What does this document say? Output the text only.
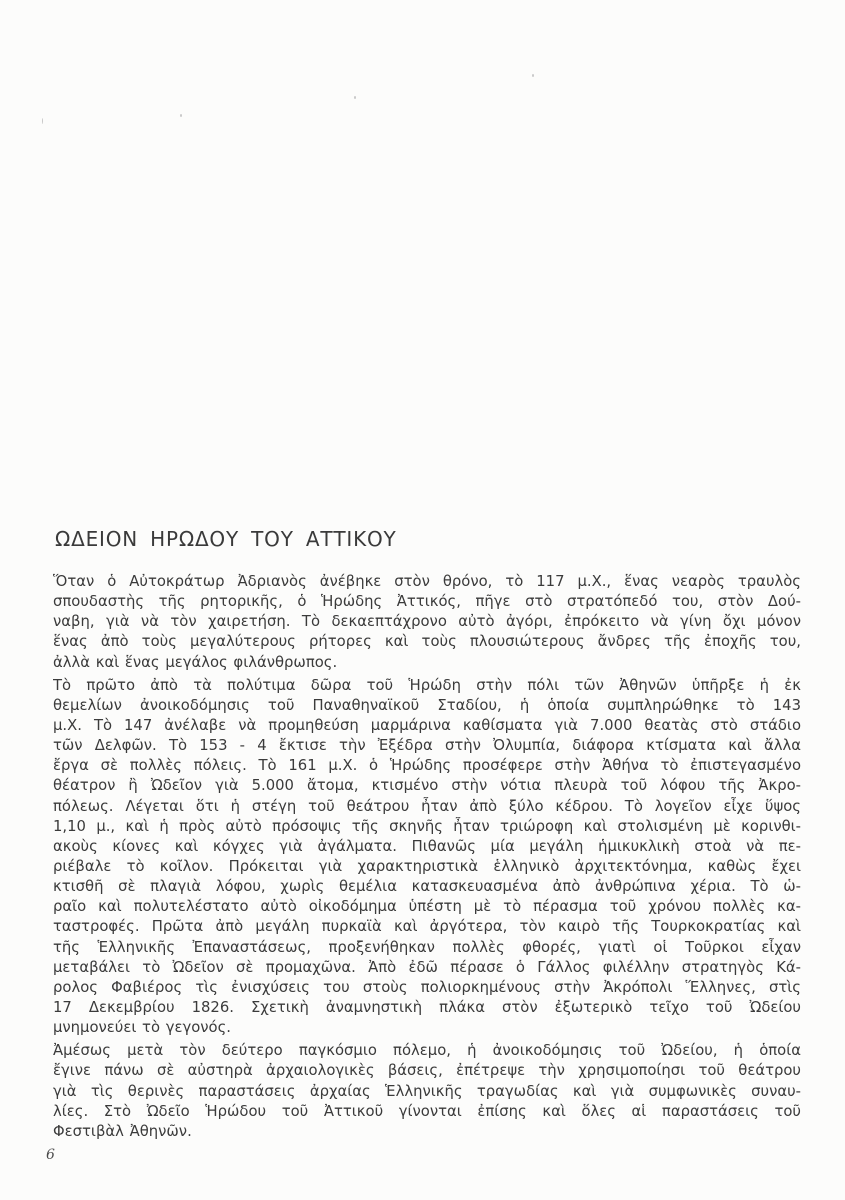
ΩΔΕΙΟΝ ΗΡΩΔΟΥ ΤΟΥ ΑΤΤΙΚΟΥ
Ὅταν ὁ Αὐτοκράτωρ Ἀδριανὸς ἀνέβηκε στὸν θρόνο, τὸ 117 μ.Χ., ἕνας νεαρὸς τραυλὸς
σπουδαστὴς τῆς ρητορικῆς, ὁ Ἡρώδης Ἀττικός, πῆγε στὸ στρατόπεδό του, στὸν Δού-
ναβη, γιὰ νὰ τὸν χαιρετήση. Τὸ δεκαεπτάχρονο αὐτὸ ἀγόρι, ἐπρόκειτο νὰ γίνη ὄχι μόνον
ἕνας ἀπὸ τοὺς μεγαλύτερους ρήτορες καὶ τοὺς πλουσιώτερους ἄνδρες τῆς ἐποχῆς του,
ἀλλὰ καὶ ἕνας μεγάλος φιλάνθρωπος.
Τὸ πρῶτο ἀπὸ τὰ πολύτιμα δῶρα τοῦ Ἡρώδη στὴν πόλι τῶν Ἀθηνῶν ὑπῆρξε ἡ ἐκ
θεμελίων ἀνοικοδόμησις τοῦ Παναθηναϊκοῦ Σταδίου, ἡ ὁποία συμπληρώθηκε τὸ 143
μ.Χ. Τὸ 147 ἀνέλαβε νὰ προμηθεύση μαρμάρινα καθίσματα γιὰ 7.000 θεατὰς στὸ στάδιο
τῶν Δελφῶν. Τὸ 153 - 4 ἔκτισε τὴν Ἐξέδρα στὴν Ὀλυμπία, διάφορα κτίσματα καὶ ἄλλα
ἔργα σὲ πολλὲς πόλεις. Τὸ 161 μ.Χ. ὁ Ἡρώδης προσέφερε στὴν Ἀθήνα τὸ ἐπιστεγασμένο
θέατρον ἢ Ὠδεῖον γιὰ 5.000 ἄτομα, κτισμένο στὴν νότια πλευρὰ τοῦ λόφου τῆς Ἀκρο-
πόλεως. Λέγεται ὅτι ἡ στέγη τοῦ θεάτρου ἦταν ἀπὸ ξύλο κέδρου. Τὸ λογεῖον εἶχε ὕψος
1,10 μ., καὶ ἡ πρὸς αὐτὸ πρόσοψις τῆς σκηνῆς ἦταν τριώροφη καὶ στολισμένη μὲ κορινθι-
ακοὺς κίονες καὶ κόγχες γιὰ ἀγάλματα. Πιθανῶς μία μεγάλη ἡμικυκλικὴ στοὰ νὰ πε-
ριέβαλε τὸ κοῖλον. Πρόκειται γιὰ χαρακτηριστικὰ ἑλληνικὸ ἀρχιτεκτόνημα, καθὼς ἔχει
κτισθῆ σὲ πλαγιὰ λόφου, χωρὶς θεμέλια κατασκευασμένα ἀπὸ ἀνθρώπινα χέρια. Τὸ ὡ-
ραῖο καὶ πολυτελέστατο αὐτὸ οἰκοδόμημα ὑπέστη μὲ τὸ πέρασμα τοῦ χρόνου πολλὲς κα-
ταστροφές. Πρῶτα ἀπὸ μεγάλη πυρκαϊὰ καὶ ἀργότερα, τὸν καιρὸ τῆς Τουρκοκρατίας καὶ
τῆς Ἑλληνικῆς Ἐπαναστάσεως, προξενήθηκαν πολλὲς φθορές, γιατὶ οἱ Τοῦρκοι εἶχαν
μεταβάλει τὸ Ὠδεῖον σὲ προμαχῶνα. Ἀπὸ ἐδῶ πέρασε ὁ Γάλλος φιλέλλην στρατηγὸς Κά-
ρολος Φαβιέρος τὶς ἐνισχύσεις του στοὺς πολιορκημένους στὴν Ἀκρόπολι Ἕλληνες, στὶς
17 Δεκεμβρίου 1826. Σχετικὴ ἀναμνηστικὴ πλάκα στὸν ἐξωτερικὸ τεῖχο τοῦ Ὠδείου
μνημονεύει τὸ γεγονός.
Ἀμέσως μετὰ τὸν δεύτερο παγκόσμιο πόλεμο, ἡ ἀνοικοδόμησις τοῦ Ὠδείου, ἡ ὁποία
ἔγινε πάνω σὲ αὐστηρὰ ἀρχαιολογικὲς βάσεις, ἐπέτρεψε τὴν χρησιμοποίησι τοῦ θεάτρου
γιὰ τὶς θερινὲς παραστάσεις ἀρχαίας Ἑλληνικῆς τραγωδίας καὶ γιὰ συμφωνικὲς συναυ-
λίες. Στὸ Ὠδεῖο Ἡρώδου τοῦ Ἀττικοῦ γίνονται ἐπίσης καὶ ὅλες αἱ παραστάσεις τοῦ
Φεστιβὰλ Ἀθηνῶν.
6
